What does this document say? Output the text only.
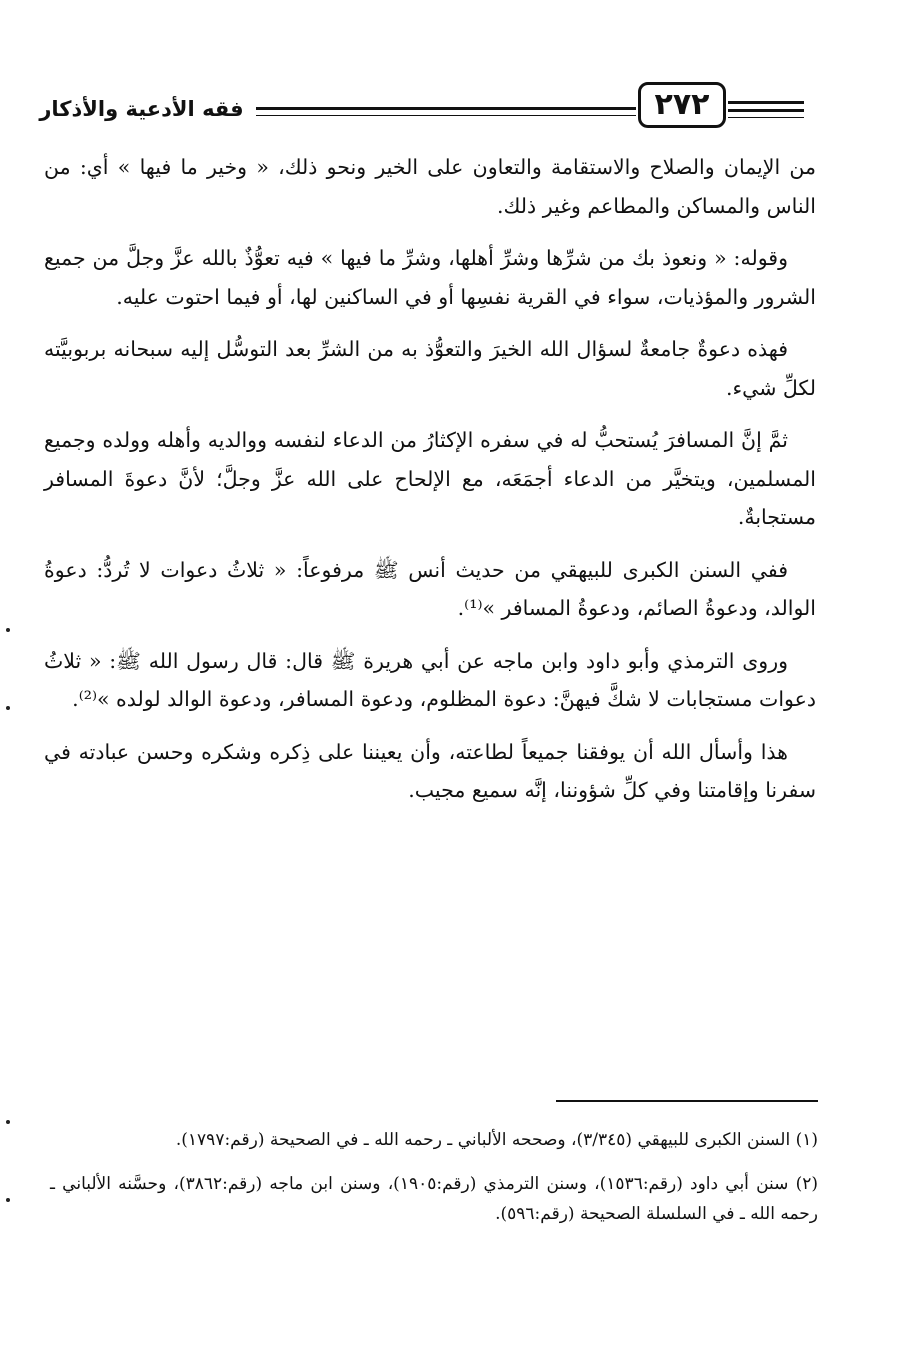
فقه الأدعية والأذكار	٢٧٢

من الإيمان والصلاح والاستقامة والتعاون على الخير ونحو ذلك، « وخير ما فيها » أي: من الناس والمساكن والمطاعم وغير ذلك.

وقوله: « ونعوذ بك من شرِّها وشرِّ أهلها، وشرِّ ما فيها » فيه تعوُّذٌ بالله عزَّ وجلَّ من جميع الشرور والمؤذيات، سواء في القرية نفسِها أو في الساكنين لها، أو فيما احتوت عليه.

فهذه دعوةٌ جامعةٌ لسؤال الله الخيرَ والتعوُّذ به من الشرِّ بعد التوسُّل إليه سبحانه بربوبيَّته لكلِّ شيء.

ثمَّ إنَّ المسافرَ يُستحبُّ له في سفره الإكثارُ من الدعاء لنفسه ووالديه وأهله وولده وجميع المسلمين، ويتخيَّر من الدعاء أجمَعَه، مع الإلحاح على الله عزَّ وجلَّ؛ لأنَّ دعوةَ المسافر مستجابةٌ.

ففي السنن الكبرى للبيهقي من حديث أنس ﷺ مرفوعاً: « ثلاثُ دعوات لا تُردُّ: دعوةُ الوالد، ودعوةُ الصائم، ودعوةُ المسافر »⁽¹⁾.

وروى الترمذي وأبو داود وابن ماجه عن أبي هريرة ﷺ قال: قال رسول الله ﷺ: « ثلاثُ دعوات مستجابات لا شكَّ فيهنَّ: دعوة المظلوم، ودعوة المسافر، ودعوة الوالد لولده »⁽²⁾.

هذا وأسأل الله أن يوفقنا جميعاً لطاعته، وأن يعيننا على ذِكره وشكره وحسن عبادته في سفرنا وإقامتنا وفي كلِّ شؤوننا، إنَّه سميع مجيب.

(١) السنن الكبرى للبيهقي (٣/٣٤٥)، وصححه الألباني ـ رحمه الله ـ في الصحيحة (رقم:١٧٩٧).

(٢) سنن أبي داود (رقم:١٥٣٦)، وسنن الترمذي (رقم:١٩٠٥)، وسنن ابن ماجه (رقم:٣٨٦٢)، وحسَّنه الألباني ـ رحمه الله ـ في السلسلة الصحيحة (رقم:٥٩٦).
